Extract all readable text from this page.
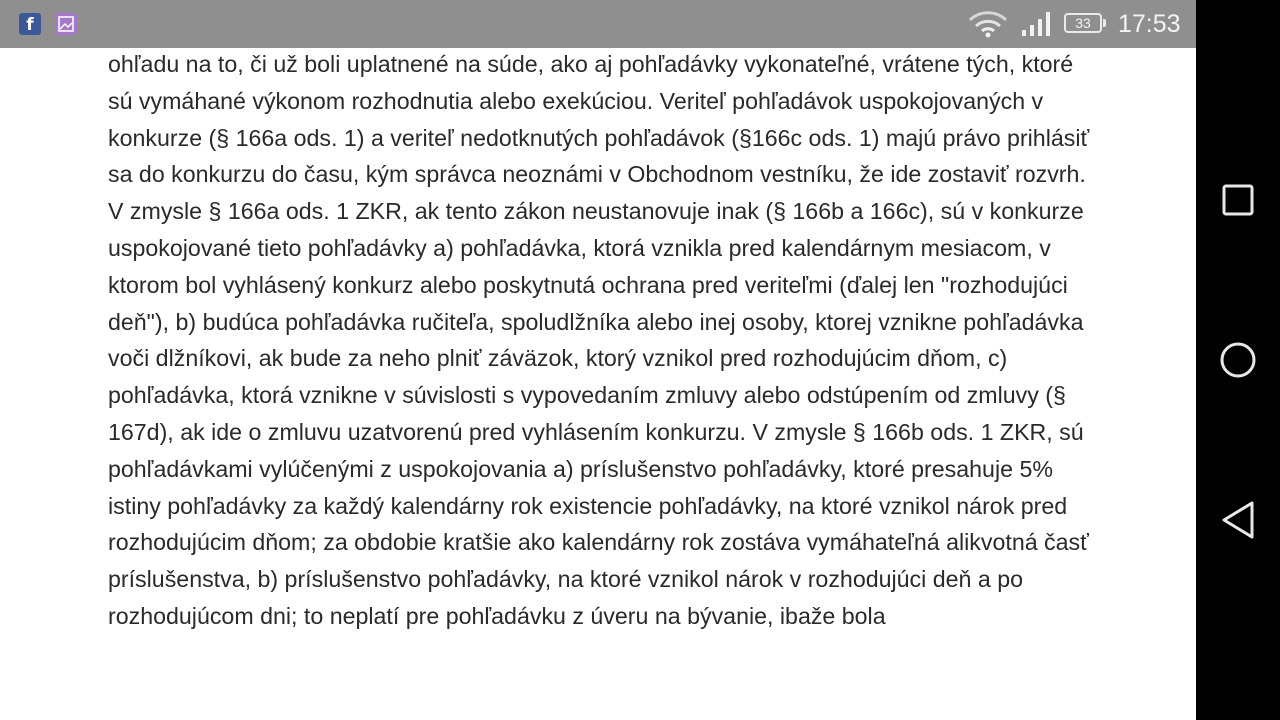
f	33	17:53

ohľadu na to, či už boli uplatnené na súde, ako aj pohľadávky vykonateľné, vrátene tých, ktoré sú vymáhané výkonom rozhodnutia alebo exekúciou. Veriteľ pohľadávok uspokojovaných v konkurze (§ 166a ods. 1) a veriteľ nedotknutých pohľadávok (§166c ods. 1) majú právo prihlásiť sa do konkurzu do času, kým správca neoznámi v Obchodnom vestníku, že ide zostaviť rozvrh. V zmysle § 166a ods. 1 ZKR, ak tento zákon neustanovuje inak (§ 166b a 166c), sú v konkurze uspokojované tieto pohľadávky a) pohľadávka, ktorá vznikla pred kalendárnym mesiacom, v ktorom bol vyhlásený konkurz alebo poskytnutá ochrana pred veriteľmi (ďalej len "rozhodujúci deň"), b) budúca pohľadávka ručiteľa, spoludlžníka alebo inej osoby, ktorej vznikne pohľadávka voči dlžníkovi, ak bude za neho plniť záväzok, ktorý vznikol pred rozhodujúcim dňom, c) pohľadávka, ktorá vznikne v súvislosti s vypovedaním zmluvy alebo odstúpením od zmluvy (§ 167d), ak ide o zmluvu uzatvorenú pred vyhlásením konkurzu. V zmysle § 166b ods. 1 ZKR, sú pohľadávkami vylúčenými z uspokojovania a) príslušenstvo pohľadávky, ktoré presahuje 5% istiny pohľadávky za každý kalendárny rok existencie pohľadávky, na ktoré vznikol nárok pred rozhodujúcim dňom; za obdobie kratšie ako kalendárny rok zostáva vymáhateľná alikvotná časť príslušenstva, b) príslušenstvo pohľadávky, na ktoré vznikol nárok v rozhodujúci deň a po rozhodujúcom dni; to neplatí pre pohľadávku z úveru na bývanie, ibaže bola
